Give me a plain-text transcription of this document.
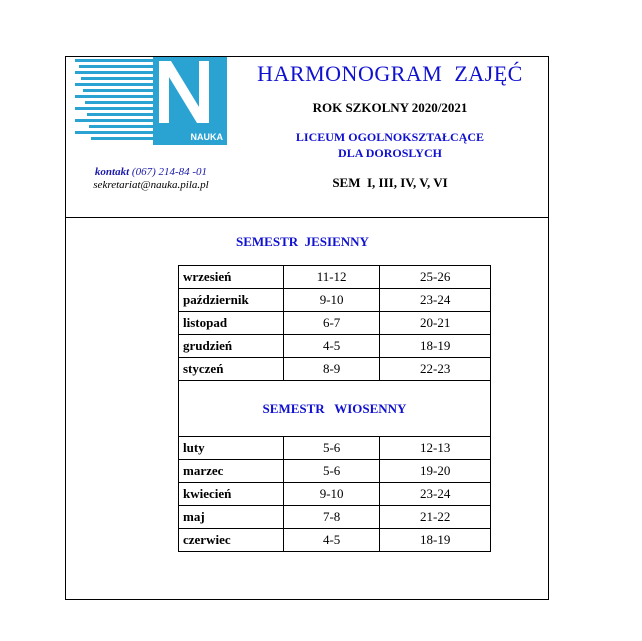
NAUKA
kontakt (067) 214-84 -01
sekretariat@nauka.pila.pl
HARMONOGRAM  ZAJĘĆ
ROK SZKOLNY 2020/2021
LICEUM OGOLNOKSZTAŁCĄCE
DLA DOROSLYCH
SEM  I, III, IV, V, VI
SEMESTR  JESIENNY
wrzesień	11-12	25-26
październik	9-10	23-24
listopad	6-7	20-21
grudzień	4-5	18-19
styczeń	8-9	22-23
SEMESTR   WIOSENNY		
luty	5-6	12-13
marzec	5-6	19-20
kwiecień	9-10	23-24
maj	7-8	21-22
czerwiec	4-5	18-19
